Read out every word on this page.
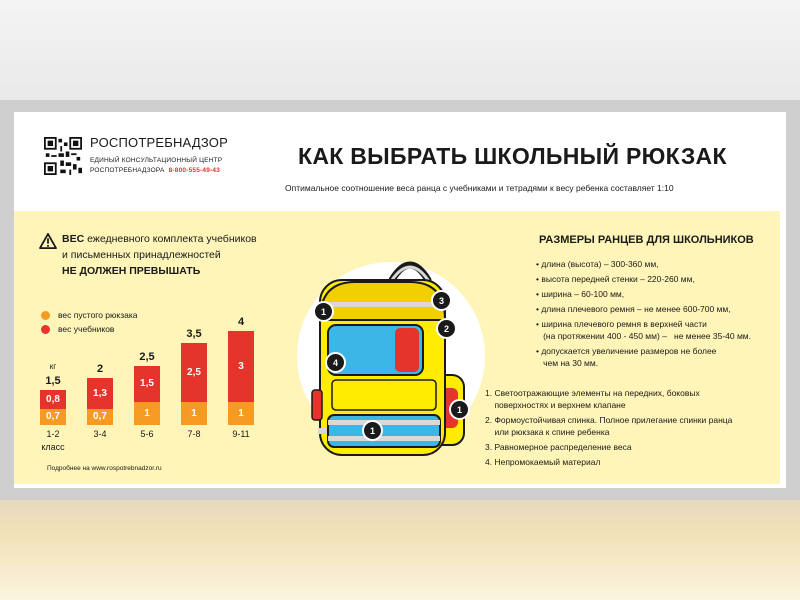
РОСПОТРЕБНАДЗОР
ЕДИНЫЙ КОНСУЛЬТАЦИОННЫЙ ЦЕНТР
РОСПОТРЕБНАДЗОРА 8-800-555-49-43
КАК ВЫБРАТЬ ШКОЛЬНЫЙ РЮКЗАК
Оптимальное соотношение веса ранца с учебниками и тетрадями к весу ребенка составляет 1:10
ВЕС ежедневного комплекта учебников
и письменных принадлежностей
НЕ ДОЛЖЕН ПРЕВЫШАТЬ
вес пустого рюкзака
вес учебников
0,7
0,8
1,5
1-2
0,7
1,3
2
3-4
1
1,5
2,5
5-6
1
2,5
3,5
7-8
1
3
4
9-11
кг
класс
Подробнее на www.rospotrebnadzor.ru
1
3
2
4
1
1
РАЗМЕРЫ РАНЦЕВ ДЛЯ ШКОЛЬНИКОВ
• длина (высота) – 300-360 мм,
• высота передней стенки – 220-260 мм,
• ширина – 60-100 мм,
• длина плечевого ремня – не менее 600-700 мм,
• ширина плечевого ремня в верхней части
(на протяжении 400 - 450 мм) –   не менее 35-40 мм.
• допускается увеличение размеров не более
чем на 30 мм.
1. Светоотражающие элементы на передних, боковых
поверхностях и верхнем клапане
2. Формоустойчивая спинка. Полное прилегание спинки ранца
или рюкзака к спине ребенка
3. Равномерное распределение веса
4. Непромокаемый материал
